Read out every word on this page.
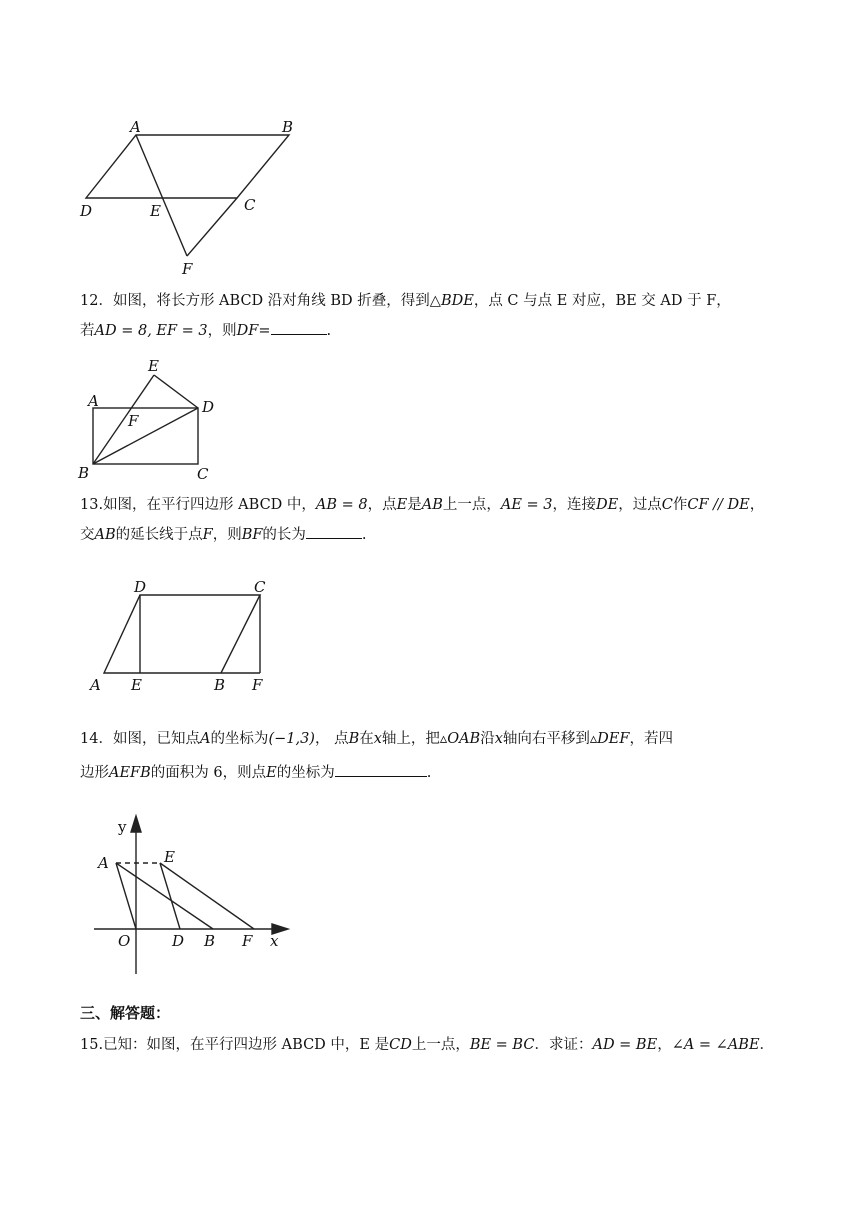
A	B
C
D	E
F
12．如图，将长方形 ABCD 沿对角线 BD 折叠，得到△BDE，点 C 与点 E 对应，BE 交 AD 于 F，
若AD = 8, EF = 3，则DF=	.
E
A	D
F
B	C
13.如图，在平行四边形 ABCD 中，AB = 8，点E是AB上一点，AE = 3，连接DE，过点C作CF // DE，
交AB的延长线于点F，则BF的长为	.
D	C
A E	B F
14．如图，已知点A的坐标为(−1,3)， 点B在x轴上，把▵OAB沿x轴向右平移到▵DEF，若四
边形AEFB的面积为 6，则点E的坐标为	.
y
A	E
O	D B F x
三、解答题：
15.已知：如图，在平行四边形 ABCD 中，E 是CD上一点，BE = BC．求证：AD = BE，∠A = ∠ABE．
